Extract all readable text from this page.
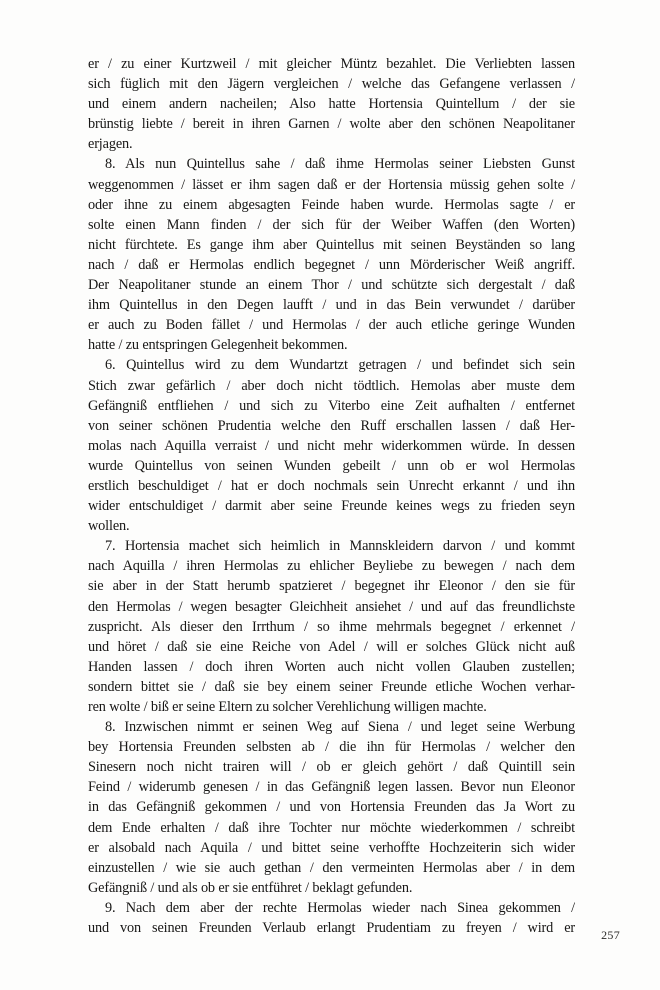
er / zu einer Kurtzweil / mit gleicher Müntz bezahlet. Die Verliebten lassen
sich füglich mit den Jägern vergleichen / welche das Gefangene verlassen /
und einem andern nacheilen; Also hatte Hortensia Quintellum / der sie
brünstig liebte / bereit in ihren Garnen / wolte aber den schönen Neapolitaner
erjagen.
8. Als nun Quintellus sahe / daß ihme Hermolas seiner Liebsten Gunst
weggenommen / lässet er ihm sagen daß er der Hortensia müssig gehen solte /
oder ihne zu einem abgesagten Feinde haben wurde. Hermolas sagte / er
solte einen Mann finden / der sich für der Weiber Waffen (den Worten)
nicht fürchtete. Es gange ihm aber Quintellus mit seinen Beyständen so lang
nach / daß er Hermolas endlich begegnet / unn Mörderischer Weiß angriff.
Der Neapolitaner stunde an einem Thor / und schützte sich dergestalt / daß
ihm Quintellus in den Degen laufft / und in das Bein verwundet / darüber
er auch zu Boden fället / und Hermolas / der auch etliche geringe Wunden
hatte / zu entspringen Gelegenheit bekommen.
6. Quintellus wird zu dem Wundartzt getragen / und befindet sich sein
Stich zwar gefärlich / aber doch nicht tödtlich. Hemolas aber muste dem
Gefängniß entfliehen / und sich zu Viterbo eine Zeit aufhalten / entfernet
von seiner schönen Prudentia welche den Ruff erschallen lassen / daß Her-
molas nach Aquilla verraist / und nicht mehr widerkommen würde. In dessen
wurde Quintellus von seinen Wunden gebeilt / unn ob er wol Hermolas
erstlich beschuldiget / hat er doch nochmals sein Unrecht erkannt / und ihn
wider entschuldiget / darmit aber seine Freunde keines wegs zu frieden seyn
wollen.
7. Hortensia machet sich heimlich in Mannskleidern darvon / und kommt
nach Aquilla / ihren Hermolas zu ehlicher Beyliebe zu bewegen / nach dem
sie aber in der Statt herumb spatzieret / begegnet ihr Eleonor / den sie für
den Hermolas / wegen besagter Gleichheit ansiehet / und auf das freundlichste
zuspricht. Als dieser den Irrthum / so ihme mehrmals begegnet / erkennet /
und höret / daß sie eine Reiche von Adel / will er solches Glück nicht auß
Handen lassen / doch ihren Worten auch nicht vollen Glauben zustellen;
sondern bittet sie / daß sie bey einem seiner Freunde etliche Wochen verhar-
ren wolte / biß er seine Eltern zu solcher Verehlichung willigen machte.
8. Inzwischen nimmt er seinen Weg auf Siena / und leget seine Werbung
bey Hortensia Freunden selbsten ab / die ihn für Hermolas / welcher den
Sinesern noch nicht trairen will / ob er gleich gehört / daß Quintill sein
Feind / widerumb genesen / in das Gefängniß legen lassen. Bevor nun Eleonor
in das Gefängniß gekommen / und von Hortensia Freunden das Ja Wort zu
dem Ende erhalten / daß ihre Tochter nur möchte wiederkommen / schreibt
er alsobald nach Aquila / und bittet seine verhoffte Hochzeiterin sich wider
einzustellen / wie sie auch gethan / den vermeinten Hermolas aber / in dem
Gefängniß / und als ob er sie entführet / beklagt gefunden.
9. Nach dem aber der rechte Hermolas wieder nach Sinea gekommen /
und von seinen Freunden Verlaub erlangt Prudentiam zu freyen / wird er 257
